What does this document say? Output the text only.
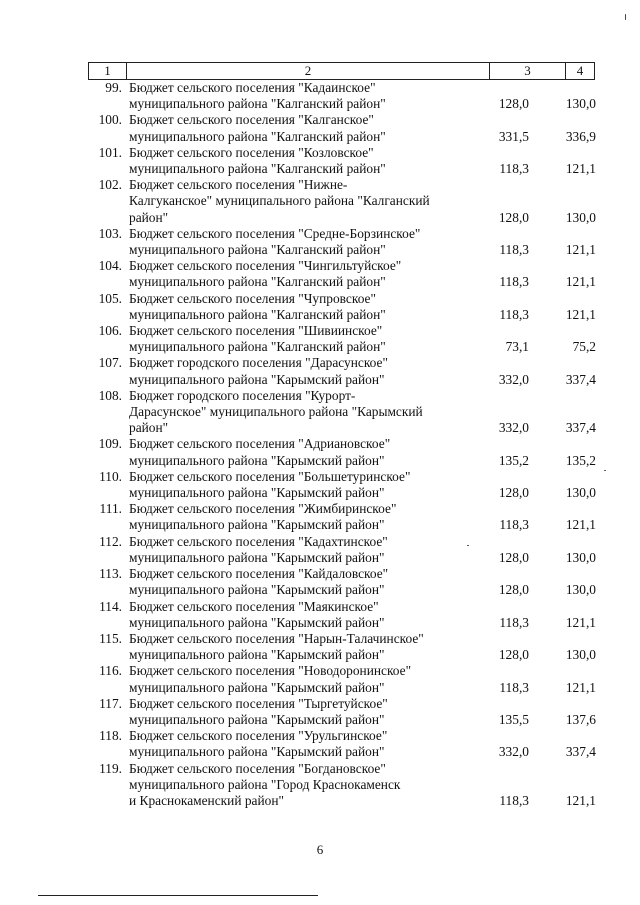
1	2	3	4
99. Бюджет сельского поселения "Кадаинское"
муниципального района "Калганский район"	128,0	130,0
100. Бюджет сельского поселения "Калганское"
муниципального района "Калганский район"	331,5	336,9
101. Бюджет сельского поселения "Козловское"
муниципального района "Калганский район"	118,3	121,1
102. Бюджет сельского поселения "Нижне-
Калгуканское" муниципального района "Калганский
район"	128,0	130,0
103. Бюджет сельского поселения "Средне-Борзинское"
муниципального района "Калганский район"	118,3	121,1
104. Бюджет сельского поселения "Чингильтуйское"
муниципального района "Калганский район"	118,3	121,1
105. Бюджет сельского поселения "Чупровское"
муниципального района "Калганский район"	118,3	121,1
106. Бюджет сельского поселения "Шивиинское"
муниципального района "Калганский район"	73,1	75,2
107. Бюджет городского поселения "Дарасунское"
муниципального района "Карымский район"	332,0	337,4
108. Бюджет городского поселения "Курорт-
Дарасунское" муниципального района "Карымский
район"	332,0	337,4
109. Бюджет сельского поселения "Адриановское"
муниципального района "Карымский район"	135,2	135,2
110. Бюджет сельского поселения "Большетуринское"
муниципального района "Карымский район"	128,0	130,0
111. Бюджет сельского поселения "Жимбиринское"
муниципального района "Карымский район"	118,3	121,1
112. Бюджет сельского поселения "Кадахтинское"
муниципального района "Карымский район"	128,0	130,0
113. Бюджет сельского поселения "Кайдаловское"
муниципального района "Карымский район"	128,0	130,0
114. Бюджет сельского поселения "Маякинское"
муниципального района "Карымский район"	118,3	121,1
115. Бюджет сельского поселения "Нарын-Талачинское"
муниципального района "Карымский район"	128,0	130,0
116. Бюджет сельского поселения "Новодоронинское"
муниципального района "Карымский район"	118,3	121,1
117. Бюджет сельского поселения "Тыргетуйское"
муниципального района "Карымский район"	135,5	137,6
118. Бюджет сельского поселения "Урульгинское"
муниципального района "Карымский район"	332,0	337,4
119. Бюджет сельского поселения "Богдановское"
муниципального района "Город Краснокаменск
и Краснокаменский район"	118,3	121,1
6
